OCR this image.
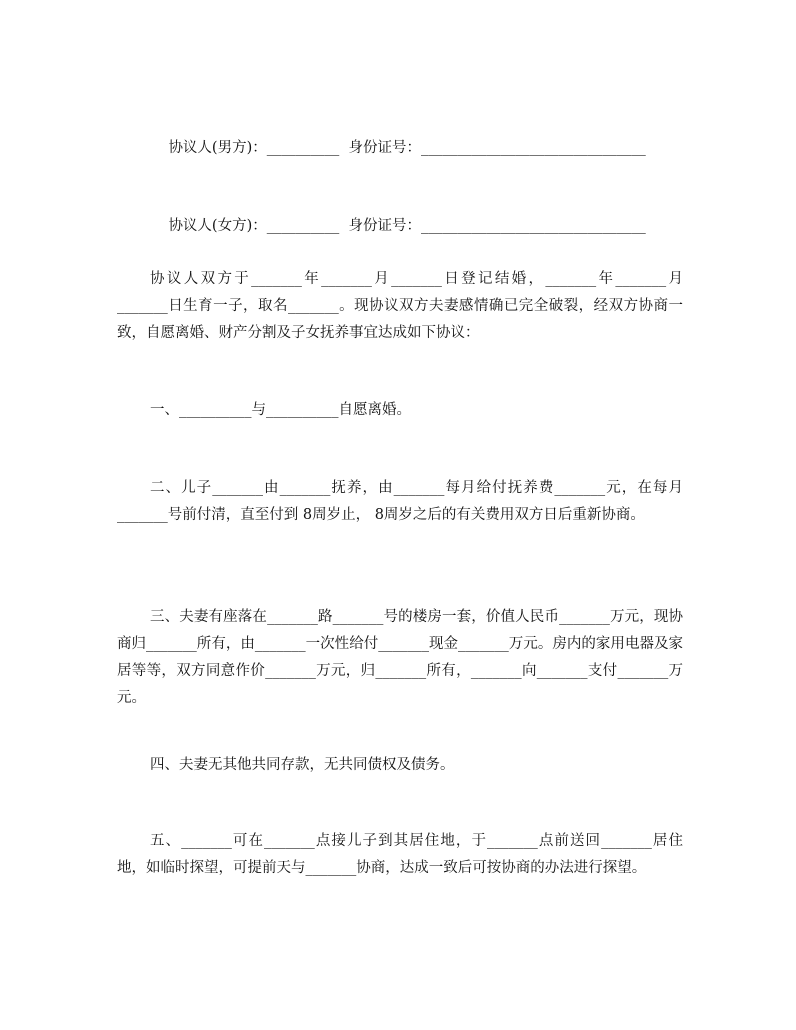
协议人(男方)：__________  身份证号：_______________________________

协议人(女方)：__________  身份证号：_______________________________

协议人双方于_______年_______月_______日登记结婚，_______年_______月_______日生育一子，取名_______。现协议双方夫妻感情确已完全破裂，经双方协商一致，自愿离婚、财产分割及子女抚养事宜达成如下协议：

一、__________与__________自愿离婚。

二、儿子_______由_______抚养，由_______每月给付抚养费_______元，在每月_______号前付清，直至付到 8周岁止， 8周岁之后的有关费用双方日后重新协商。

三、夫妻有座落在_______路_______号的楼房一套，价值人民币_______万元，现协商归_______所有，由_______一次性给付_______现金_______万元。房内的家用电器及家居等等，双方同意作价_______万元，归_______所有，_______向_______支付_______万元。

四、夫妻无其他共同存款，无共同债权及债务。

五、_______可在_______点接儿子到其居住地，于_______点前送回_______居住地，如临时探望，可提前天与_______协商，达成一致后可按协商的办法进行探望。
